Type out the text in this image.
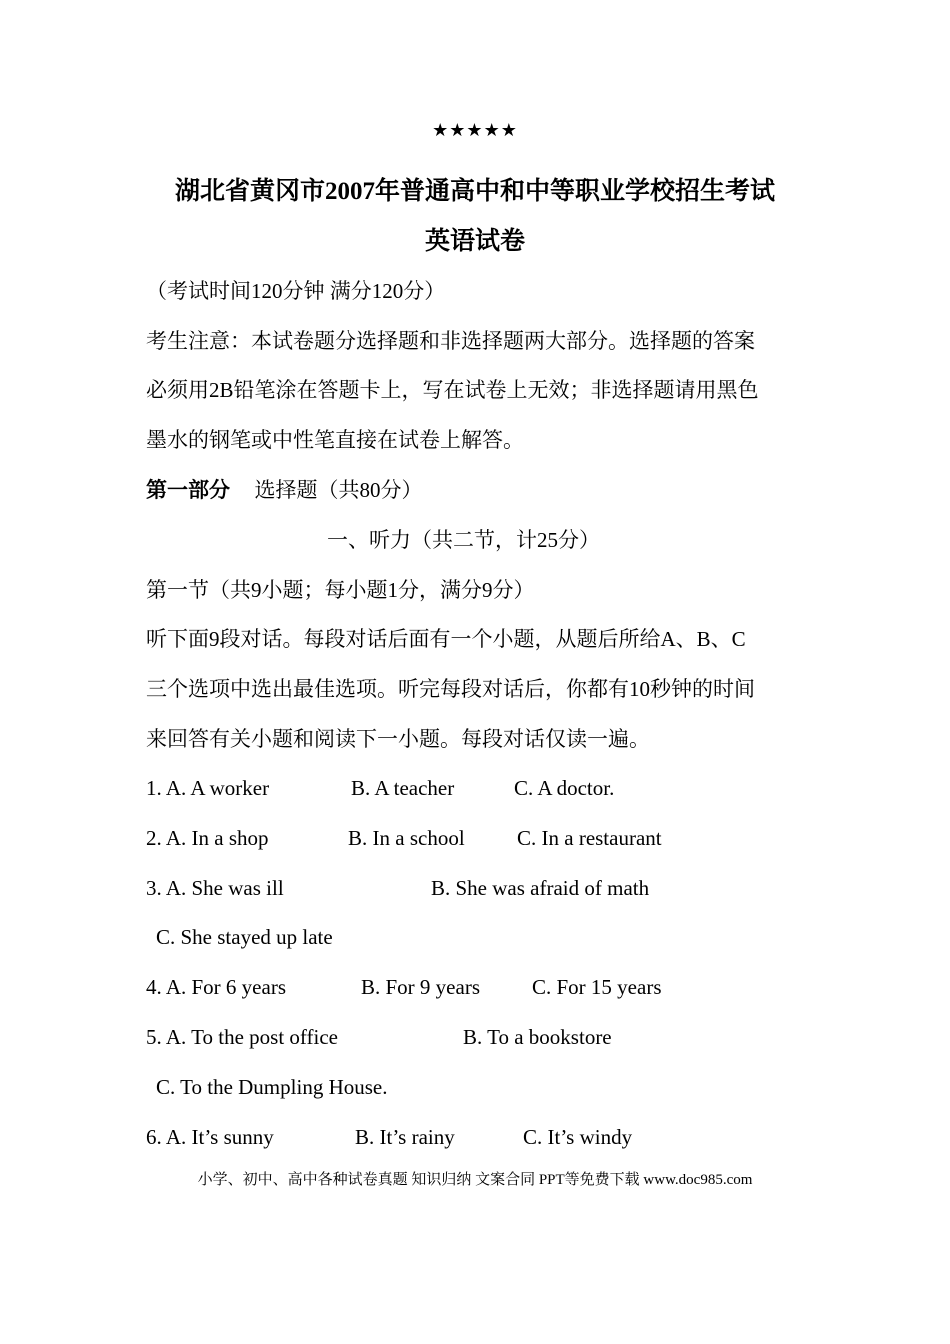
★★★★★
湖北省黄冈市2007年普通高中和中等职业学校招生考试
英语试卷
（考试时间120分钟 满分120分）
考生注意：本试卷题分选择题和非选择题两大部分。选择题的答案
必须用2B铅笔涂在答题卡上，写在试卷上无效；非选择题请用黑色
墨水的钢笔或中性笔直接在试卷上解答。
第一部分 选择题（共80分）
一、听力（共二节，计25分）
第一节（共9小题；每小题1分，满分9分）
听下面9段对话。每段对话后面有一个小题，从题后所给A、B、C
三个选项中选出最佳选项。听完每段对话后，你都有10秒钟的时间
来回答有关小题和阅读下一小题。每段对话仅读一遍。
1. A. A worker	B. A teacher	C. A doctor.
2. A. In a shop	B. In a school C. In a restaurant
3. A. She was ill	B. She was afraid of math
C. She stayed up late
4. A. For 6 years	B. For 9 years C. For 15 years
5. A. To the post office	B. To a bookstore
C. To the Dumpling House.
6. A. It’s sunny	B. It’s rainy	C. It’s windy
小学、初中、高中各种试卷真题 知识归纳 文案合同 PPT等免费下载 www.doc985.com
